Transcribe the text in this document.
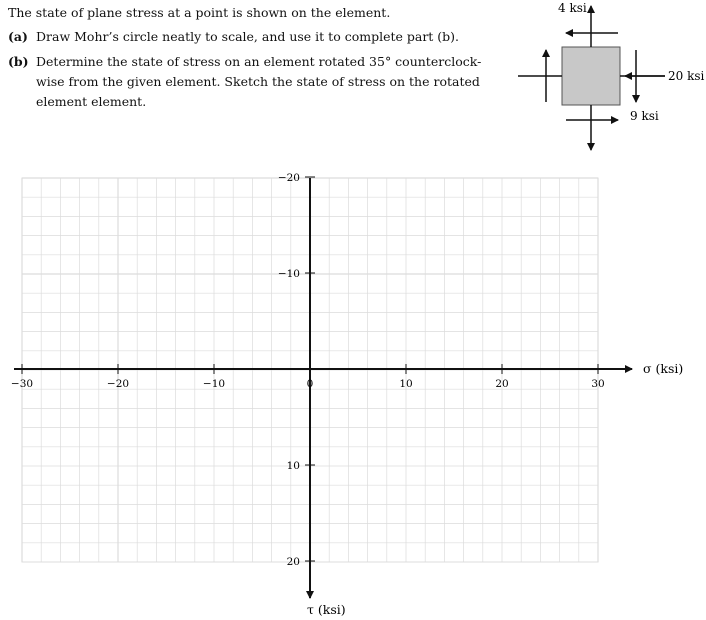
The state of plane stress at a point is shown on the element.
(a) Draw Mohr’s circle neatly to scale, and use it to complete part (b).
(b) Determine the state of stress on an element rotated 35° counterclock-
wise from the given element. Sketch the state of stress on the rotated
element element.
4 ksi
20 ksi
9 ksi
−30	−20	−10	0	10	20	30
−20
−10
10
20
σ (ksi)
τ (ksi)
